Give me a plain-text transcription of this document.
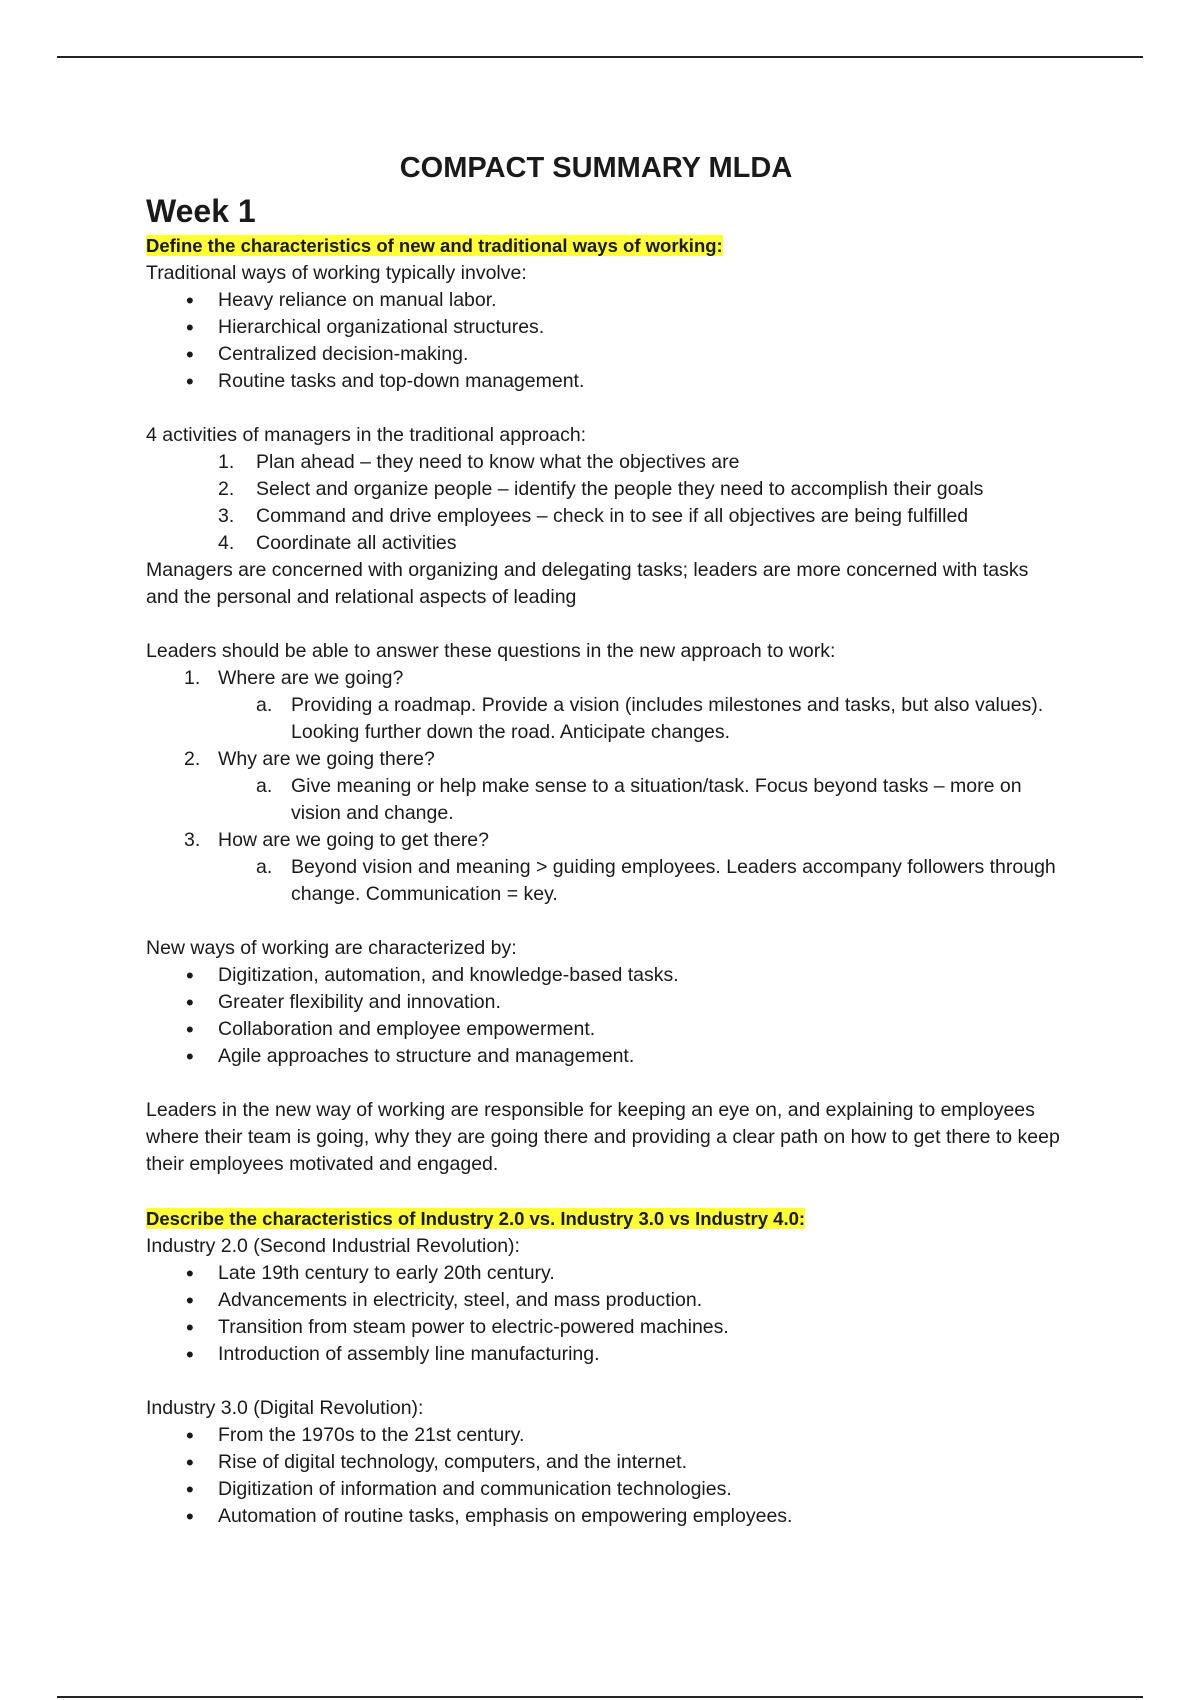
COMPACT SUMMARY MLDA
Week 1

Define the characteristics of new and traditional ways of working:

Traditional ways of working typically involve:

• Heavy reliance on manual labor.
• Hierarchical organizational structures.
• Centralized decision-making.
• Routine tasks and top-down management.

4 activities of managers in the traditional approach:

1. Plan ahead – they need to know what the objectives are
2. Select and organize people – identify the people they need to accomplish their goals
3. Command and drive employees – check in to see if all objectives are being fulfilled
4. Coordinate all activities

Managers are concerned with organizing and delegating tasks; leaders are more concerned with tasks and the personal and relational aspects of leading

Leaders should be able to answer these questions in the new approach to work:

1. Where are we going?
a. Providing a roadmap. Provide a vision (includes milestones and tasks, but also values). Looking further down the road. Anticipate changes.
2. Why are we going there?
a. Give meaning or help make sense to a situation/task. Focus beyond tasks – more on vision and change.
3. How are we going to get there?
a. Beyond vision and meaning > guiding employees. Leaders accompany followers through change. Communication = key.

New ways of working are characterized by:

• Digitization, automation, and knowledge-based tasks.
• Greater flexibility and innovation.
• Collaboration and employee empowerment.
• Agile approaches to structure and management.

Leaders in the new way of working are responsible for keeping an eye on, and explaining to employees where their team is going, why they are going there and providing a clear path on how to get there to keep their employees motivated and engaged.

Describe the characteristics of Industry 2.0 vs. Industry 3.0 vs Industry 4.0:

Industry 2.0 (Second Industrial Revolution):

• Late 19th century to early 20th century.
• Advancements in electricity, steel, and mass production.
• Transition from steam power to electric-powered machines.
• Introduction of assembly line manufacturing.

Industry 3.0 (Digital Revolution):

• From the 1970s to the 21st century.
• Rise of digital technology, computers, and the internet.
• Digitization of information and communication technologies.
• Automation of routine tasks, emphasis on empowering employees.
